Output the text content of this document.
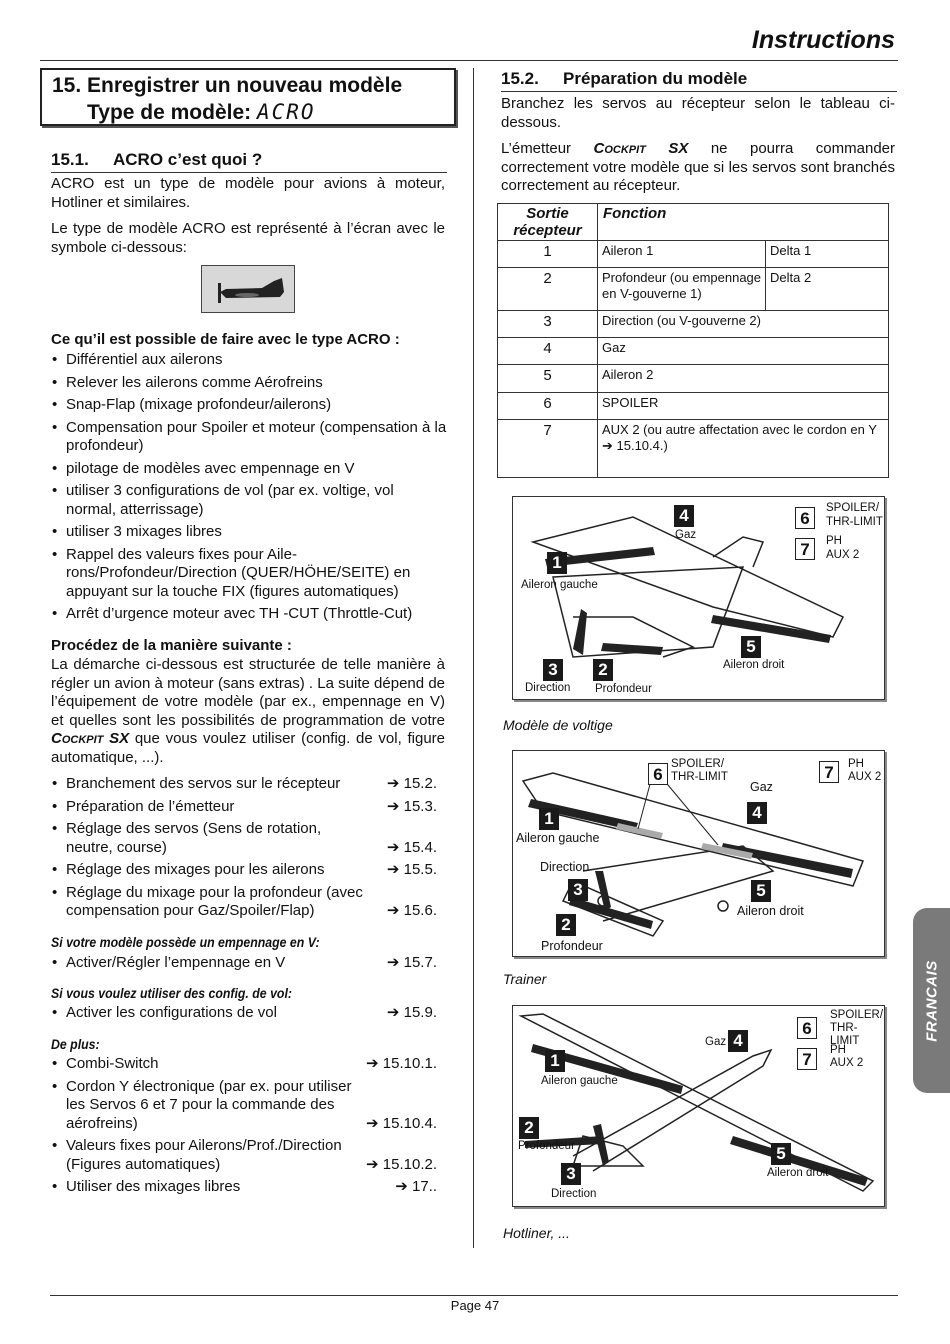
Instructions
Page 47
FRANCAIS
15. Enregistrer un nouveau modèle
Type de modèle: ACRO
15.1. ACRO c’est quoi ?
ACRO est un type de modèle pour avions à moteur, Hotliner et similaires.
Le type de modèle ACRO est représenté à l’écran avec le symbole ci-dessous:
Ce qu’il est possible de faire avec le type ACRO :
• Différentiel aux ailerons
• Relever les ailerons comme Aérofreins
• Snap-Flap (mixage profondeur/ailerons)
• Compensation pour Spoiler et moteur (compensation à la profondeur)
• pilotage de modèles avec empennage en V
• utiliser 3 configurations de vol (par ex. voltige, vol normal, atterrissage)
• utiliser 3 mixages libres
• Rappel des valeurs fixes pour Aile-rons/Profondeur/Direction (QUER/HÖHE/SEITE) en appuyant sur la touche FIX (figures automatiques)
• Arrêt d’urgence moteur avec TH -CUT (Throttle-Cut)
Procédez de la manière suivante :
La démarche ci-dessous est structurée de telle manière à régler un avion à moteur (sans extras) . La suite dépend de l’équipement de votre modèle (par ex., empennage en V) et quelles sont les possibilités de programmation de votre Cockpit SX que vous voulez utiliser (config. de vol, figure automatique, ...).
• Branchement des servos sur le récepteur	➔ 15.2.
• Préparation de l’émetteur	➔ 15.3.
• Réglage des servos (Sens de rotation, neutre, course)	➔ 15.4.
• Réglage des mixages pour les ailerons	➔ 15.5.
• Réglage du mixage pour la profondeur (avec compensation pour Gaz/Spoiler/Flap)	➔ 15.6.
Si votre modèle possède un empennage en V:
• Activer/Régler l’empennage en V	➔ 15.7.
Si vous voulez utiliser des config. de vol:
• Activer les configurations de vol	➔ 15.9.
De plus:
• Combi-Switch	➔ 15.10.1.
• Cordon Y électronique (par ex. pour utiliser les Servos 6 et 7 pour la commande des aérofreins)	➔ 15.10.4.
• Valeurs fixes pour Ailerons/Prof./Direction (Figures automatiques)	➔ 15.10.2.
• Utiliser des mixages libres	➔ 17..
15.2. Préparation du modèle
Branchez les servos au récepteur selon le tableau ci-dessous.
L’émetteur Cockpit SX ne pourra commander correctement votre modèle que si les servos sont branchés correctement au récepteur.
Sortie récepteur	Fonction	
1	Aileron 1	Delta 1
2	Profondeur (ou empennage en V-gouverne 1)	Delta 2
3	Direction (ou V-gouverne 2)	
4	Gaz	
5	Aileron 2	
6	SPOILER	
7	AUX 2 (ou autre affectation avec le cordon en Y ➔ 15.10.4.)	
1
Aileron gauche
4
Gaz
6
SPOILER/ THR-LIMIT
7	PH AUX 2
5
Aileron droit
3
Direction
2
Profondeur
Modèle de voltige
6
SPOILER/ THR-LIMIT	7	PH AUX 2
Gaz
4
1
Aileron gauche
Direction
3	5
Aileron droit
2
Profondeur
Trainer
Gaz 4
6
SPOILER/ THR-LIMIT
7	PH AUX 2
1
Aileron gauche
2
Profondeur	5
Aileron droit
3
Direction
Hotliner, ...
